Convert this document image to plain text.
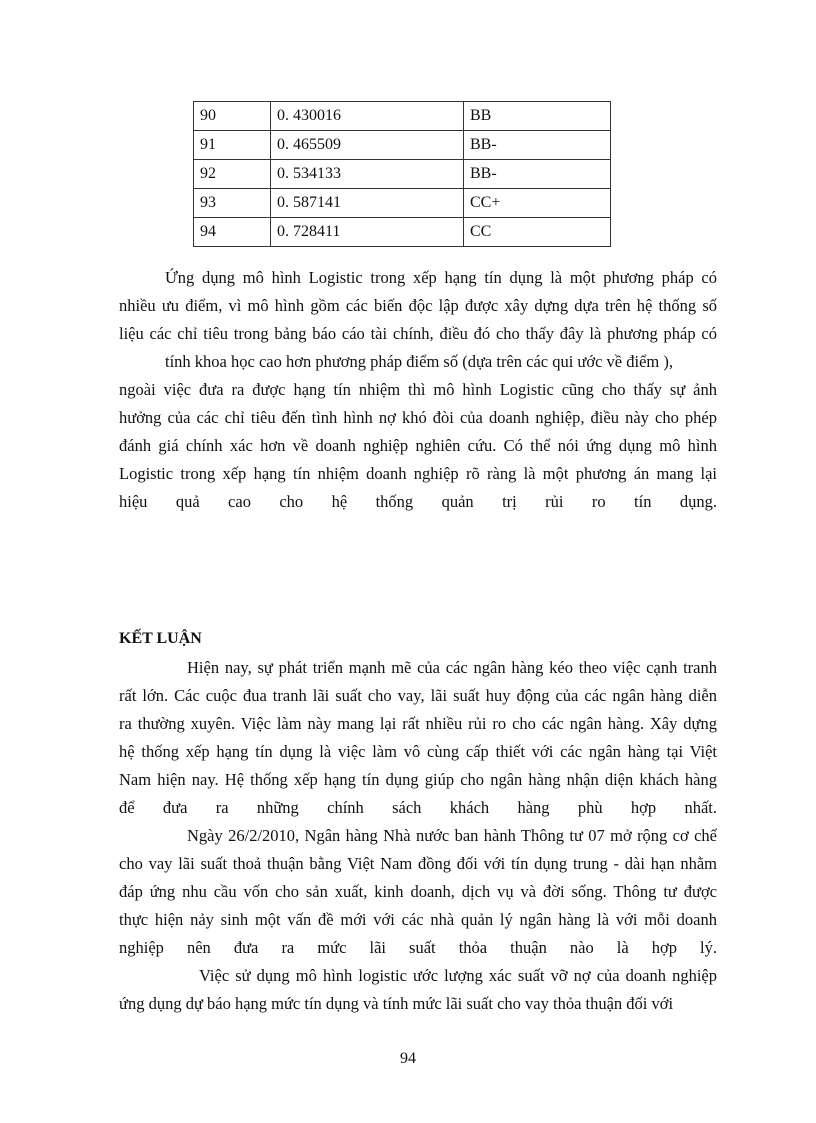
90	0. 430016	BB
91	0. 465509	BB-
92	0. 534133	BB-
93	0. 587141	CC+
94	0. 728411	CC
Ứng dụng mô hình Logistic trong xếp hạng tín dụng là một phương pháp có
nhiều ưu điểm, vì mô hình gồm các biến độc lập được xây dựng dựa trên hệ thống số
liệu các chỉ tiêu trong bảng báo cáo tài chính, điều đó cho thấy đây là phương pháp có
tính khoa học cao hơn phương pháp điểm số (dựa trên các qui ước về điểm ),
ngoài việc đưa ra được hạng tín nhiệm thì mô hình Logistic cũng cho thấy sự ảnh
hưởng của các chỉ tiêu đến tình hình nợ khó đòi của doanh nghiệp, điều này cho phép
đánh giá chính xác hơn về doanh nghiệp nghiên cứu. Có thể nói ứng dụng mô hình
Logistic trong xếp hạng tín nhiệm doanh nghiệp rõ ràng là một phương án mang lại
hiệu quả cao cho hệ thống quản trị rủi ro tín dụng.
KẾT LUẬN
Hiện nay, sự phát triển mạnh mẽ của các ngân hàng kéo theo việc cạnh tranh
rất lớn. Các cuộc đua tranh lãi suất cho vay, lãi suất huy động của các ngân hàng diễn
ra thường xuyên. Việc làm này mang lại rất nhiều rủi ro cho các ngân hàng. Xây dựng
hệ thống xếp hạng tín dụng là việc làm vô cùng cấp thiết với các ngân hàng tại Việt
Nam hiện nay. Hệ thống xếp hạng tín dụng giúp cho ngân hàng nhận diện khách hàng
để đưa ra những chính sách khách hàng phù hợp nhất.
Ngày 26/2/2010, Ngân hàng Nhà nước ban hành Thông tư 07 mở rộng cơ chế
cho vay lãi suất thoả thuận bằng Việt Nam đồng đối với tín dụng trung - dài hạn nhằm
đáp ứng nhu cầu vốn cho sản xuất, kinh doanh, dịch vụ và đời sống. Thông tư được
thực hiện nảy sinh một vấn đề mới với các nhà quản lý ngân hàng là với mỗi doanh
nghiệp nên đưa ra mức lãi suất thỏa thuận nào là hợp lý.
Việc sử dụng mô hình logistic ước lượng xác suất vỡ nợ của doanh nghiệp
ứng dụng dự báo hạng mức tín dụng và tính mức lãi suất cho vay thỏa thuận đối với
94
